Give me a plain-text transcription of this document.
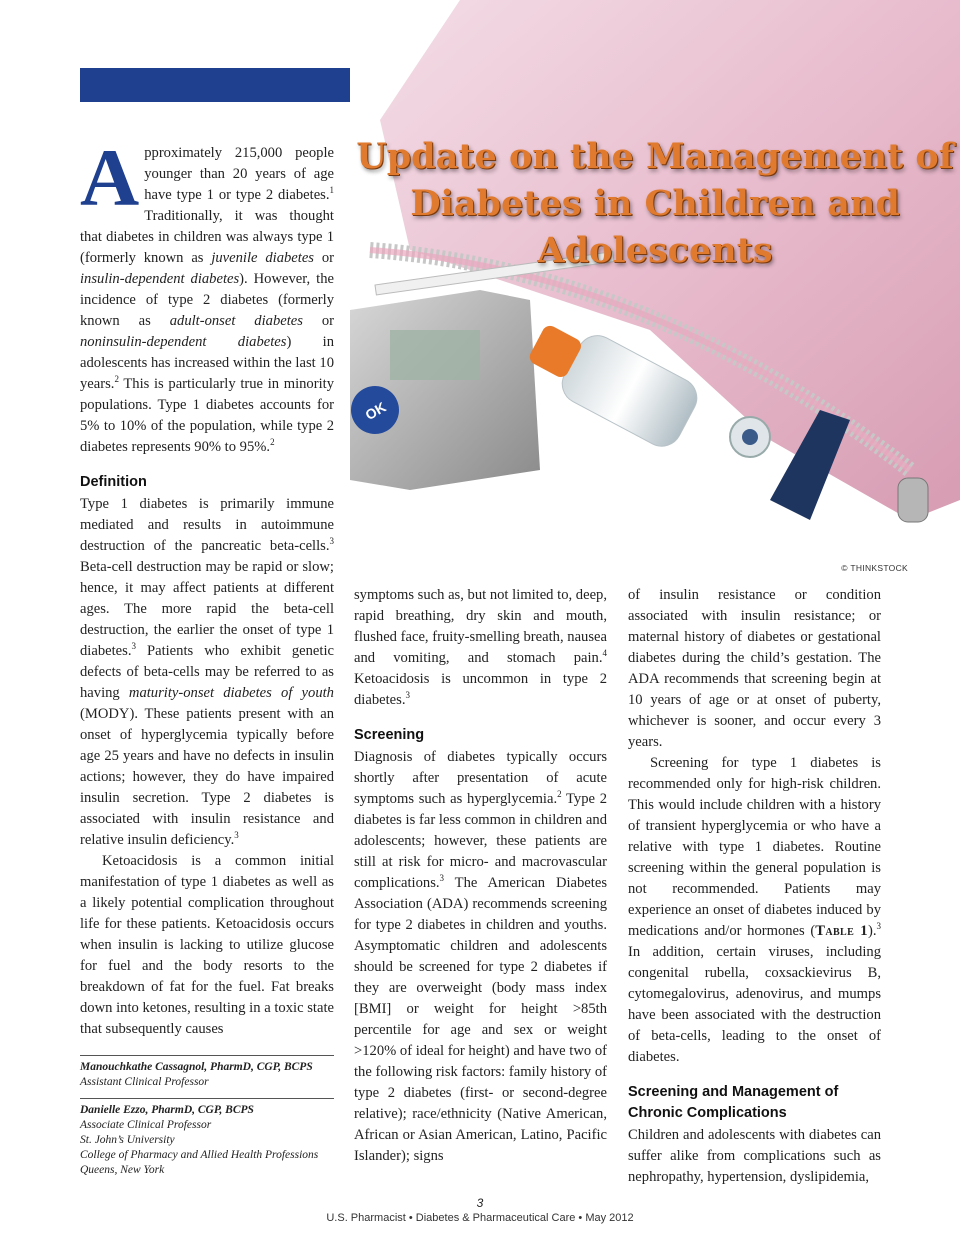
OK
Update on the Management of Diabetes in Children and Adolescents
© THINKSTOCK

Approximately 215,000 people younger than 20 years of age have type 1 or type 2 diabetes.$^1$ Traditionally, it was thought that diabetes in children was always type 1 (formerly known as juvenile diabetes or insulin-dependent diabetes). However, the incidence of type 2 diabetes (formerly known as adult-onset diabetes or noninsulin-dependent diabetes) in adolescents has increased within the last 10 years.$^2$ This is particularly true in minority populations. Type 1 diabetes accounts for 5% to 10% of the population, while type 2 diabetes represents 90% to 95%.$^2$

Definition

Type 1 diabetes is primarily immune mediated and results in autoimmune destruction of the pancreatic beta-cells.$^3$ Beta-cell destruction may be rapid or slow; hence, it may affect patients at different ages. The more rapid the beta-cell destruction, the earlier the onset of type 1 diabetes.$^3$ Patients who exhibit genetic defects of beta-cells may be referred to as having maturity-onset diabetes of youth (MODY). These patients present with an onset of hyperglycemia typically before age 25 years and have no defects in insulin actions; however, they do have impaired insulin secretion. Type 2 diabetes is associated with insulin resistance and relative insulin deficiency.$^3$

Ketoacidosis is a common initial manifestation of type 1 diabetes as well as a likely potential complication throughout life for these patients. Ketoacidosis occurs when insulin is lacking to utilize glucose for fuel and the body resorts to the breakdown of fat for the fuel. Fat breaks down into ketones, resulting in a toxic state that subsequently causes

Manouchkathe Cassagnol, PharmD, CGP, BCPS
Assistant Clinical Professor
Danielle Ezzo, PharmD, CGP, BCPS
Associate Clinical Professor
St. John’s University
College of Pharmacy and Allied Health Professions
Queens, New York

symptoms such as, but not limited to, deep, rapid breathing, dry skin and mouth, flushed face, fruity-smelling breath, nausea and vomiting, and stomach pain.$^4$ Ketoacidosis is uncommon in type 2 diabetes.$^3$

Screening

Diagnosis of diabetes typically occurs shortly after presentation of acute symptoms such as hyperglycemia.$^2$ Type 2 diabetes is far less common in children and adolescents; however, these patients are still at risk for micro- and macrovascular complications.$^3$ The American Diabetes Association (ADA) recommends screening for type 2 diabetes in children and youths. Asymptomatic children and adolescents should be screened for type 2 diabetes if they are overweight (body mass index [BMI] or weight for height >85th percentile for age and sex or weight >120% of ideal for height) and have two of the following risk factors: family history of type 2 diabetes (first- or second-degree relative); race/ethnicity (Native American, African or Asian American, Latino, Pacific Islander); signs

of insulin resistance or condition associated with insulin resistance; or maternal history of diabetes or gestational diabetes during the child’s gestation. The ADA recommends that screening begin at 10 years of age or at onset of puberty, whichever is sooner, and occur every 3 years.

Screening for type 1 diabetes is recommended only for high-risk children. This would include children with a history of transient hyperglycemia or who have a relative with type 1 diabetes. Routine screening within the general population is not recommended. Patients may experience an onset of diabetes induced by medications and/or hormones (Table 1).$^3$ In addition, certain viruses, including congenital rubella, coxsackievirus B, cytomegalovirus, adenovirus, and mumps have been associated with the destruction of beta-cells, leading to the onset of diabetes.

Screening and Management of Chronic Complications

Children and adolescents with diabetes can suffer alike from complications such as nephropathy, hypertension, dyslipidemia,

3
U.S. Pharmacist • Diabetes & Pharmaceutical Care • May 2012
